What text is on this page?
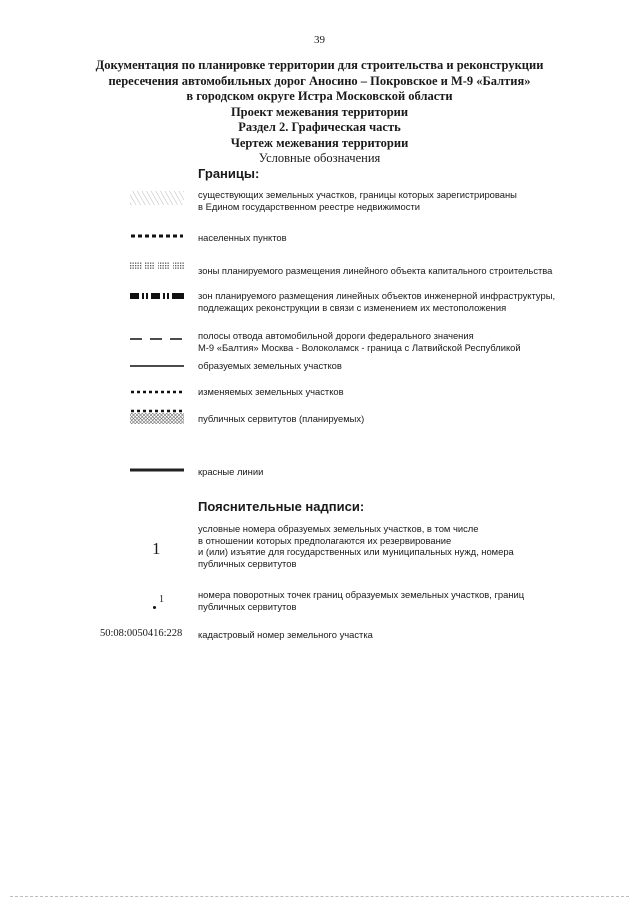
39
Документация по планировке территории для строительства и реконструкции
пересечения автомобильных дорог Аносино – Покровское и М-9 «Балтия»
в городском округе Истра Московской области
Проект межевания территории
Раздел 2. Графическая часть
Чертеж межевания территории
Условные обозначения
Границы:
существующих земельных участков, границы которых зарегистрированы
в Едином государственном реестре недвижимости
населенных пунктов
зоны планируемого размещения линейного объекта капитального строительства
зон планируемого размещения линейных объектов инженерной инфраструктуры,
подлежащих реконструкции в связи с изменением их местоположения
полосы отвода автомобильной дороги федерального значения
М-9 «Балтия» Москва - Волоколамск - граница с Латвийской Республикой
образуемых земельных участков
изменяемых земельных участков
публичных сервитутов (планируемых)
красные линии
Пояснительные надписи:
1
условные номера образуемых земельных участков, в том числе
в отношении которых предполагаются их резервирование
и (или) изъятие для государственных или муниципальных нужд, номера
публичных сервитутов
1	номера поворотных точек границ образуемых земельных участков, границ
публичных сервитутов
50:08:0050416:228 кадастровый номер земельного участка
